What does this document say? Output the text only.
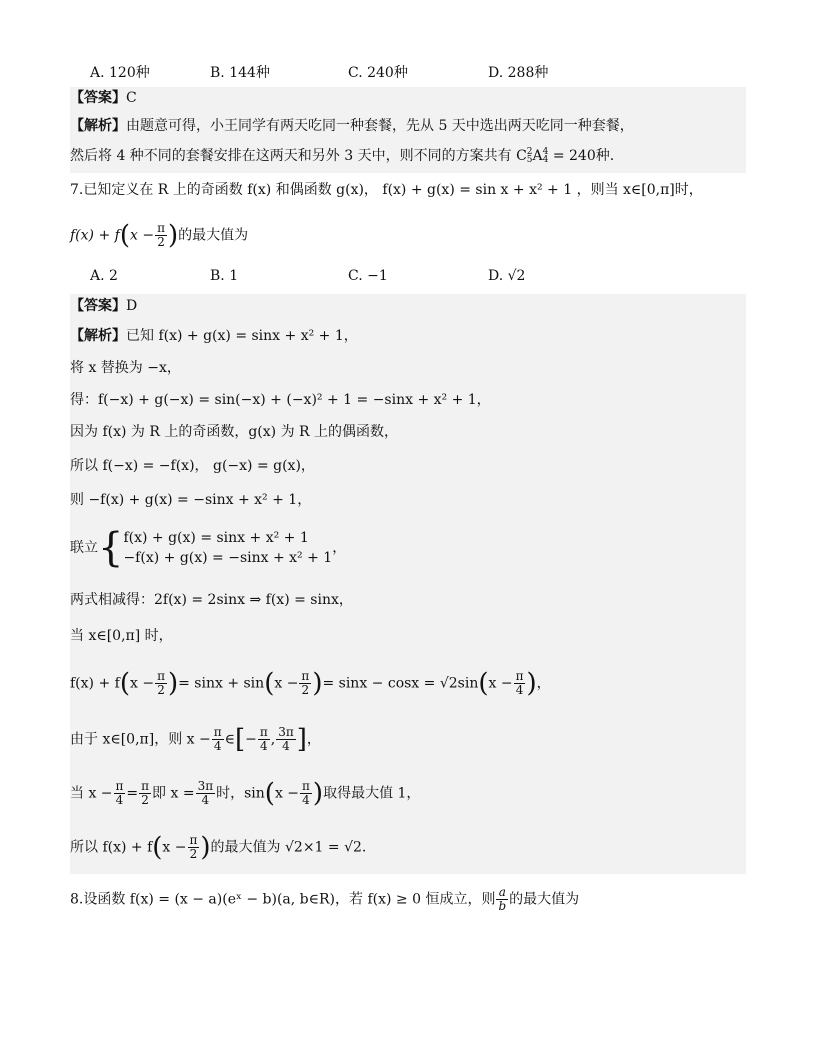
A. 120种	B. 144种	C. 240种	D. 288种
【答案】C
【解析】由题意可得，小王同学有两天吃同一种套餐，先从 5 天中选出两天吃同一种套餐，
然后将 4 种不同的套餐安排在这两天和另外 3 天中，则不同的方案共有 C 2
5 A 4
4 = 240种.
7.已知定义在 R 上的奇函数 f(x) 和偶函数 g(x)， f(x) + g(x) = sin x + x² + 1 ，则当 x∈[0,π]时，
$f(x) + f(x - \frac{\pi}{2}$ )的最大值为
A. 2	B. 1	C. −1	D. √2
【答案】D
【解析】已知 f(x) + g(x) = sinx + x² + 1，
将 x 替换为 −x，
得：f(−x) + g(−x) = sin(−x) + (−x)² + 1 = −sinx + x² + 1，
因为 f(x) 为 R 上的奇函数，g(x) 为 R 上的偶函数，
所以 f(−x) = −f(x)， g(−x) = g(x)，
则 −f(x) + g(x) = −sinx + x² + 1，
联立{ f(x) + g(x) = sinx + x² + 1
−f(x) + g(x) = −sinx + x² + 1
，
两式相减得：2f(x) = 2sinx ⇒ f(x) = sinx，
当 x∈[0,π] 时，
$f(x) + f(x - \frac{\pi}{2}$ )= $\sin x + \sin(x - \frac{\pi}{2}$ )= $\sin x - \cos x = √2\sin(x - \frac{\pi}{4}$ )，
由于 x∈[0,π]，则 $x - \frac{\pi}{4}$ ∈[− $\frac{\pi}{4}$ , $\frac{3\pi}{4}$ ]，
当 $x - \frac{\pi}{4} = \frac{\pi}{2}$ 即 $x = \frac{3\pi}{4}$ 时，$\sin(x - \frac{\pi}{4}$ )取得最大值 1，
所以 $f(x) + f(x - \frac{\pi}{2}$ )的最大值为 √2×1 = √2.
8.设函数 f(x) = (x − a)(eˣ − b)(a, b∈R)，若 f(x) ≥ 0 恒成立，则 $\frac{a}{b}$ 的最大值为
